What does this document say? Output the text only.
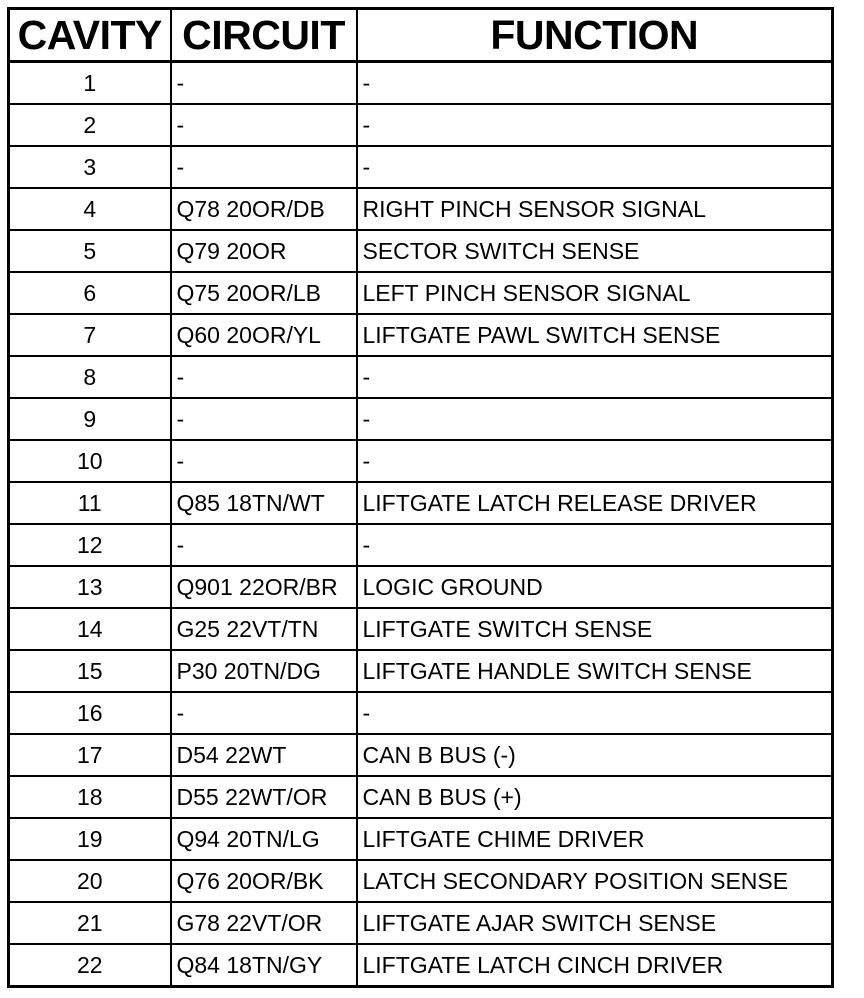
CAVITY	CIRCUIT	FUNCTION
1	-	-
2	-	-
3	-	-
4	Q78 20OR/DB	RIGHT PINCH SENSOR SIGNAL
5	Q79 20OR	SECTOR SWITCH SENSE
6	Q75 20OR/LB	LEFT PINCH SENSOR SIGNAL
7	Q60 20OR/YL	LIFTGATE PAWL SWITCH SENSE
8	-	-
9	-	-
10	-	-
11	Q85 18TN/WT	LIFTGATE LATCH RELEASE DRIVER
12	-	-
13	Q901 22OR/BR	LOGIC GROUND
14	G25 22VT/TN	LIFTGATE SWITCH SENSE
15	P30 20TN/DG	LIFTGATE HANDLE SWITCH SENSE
16	-	-
17	D54 22WT	CAN B BUS (-)
18	D55 22WT/OR	CAN B BUS (+)
19	Q94 20TN/LG	LIFTGATE CHIME DRIVER
20	Q76 20OR/BK	LATCH SECONDARY POSITION SENSE
21	G78 22VT/OR	LIFTGATE AJAR SWITCH SENSE
22	Q84 18TN/GY	LIFTGATE LATCH CINCH DRIVER
